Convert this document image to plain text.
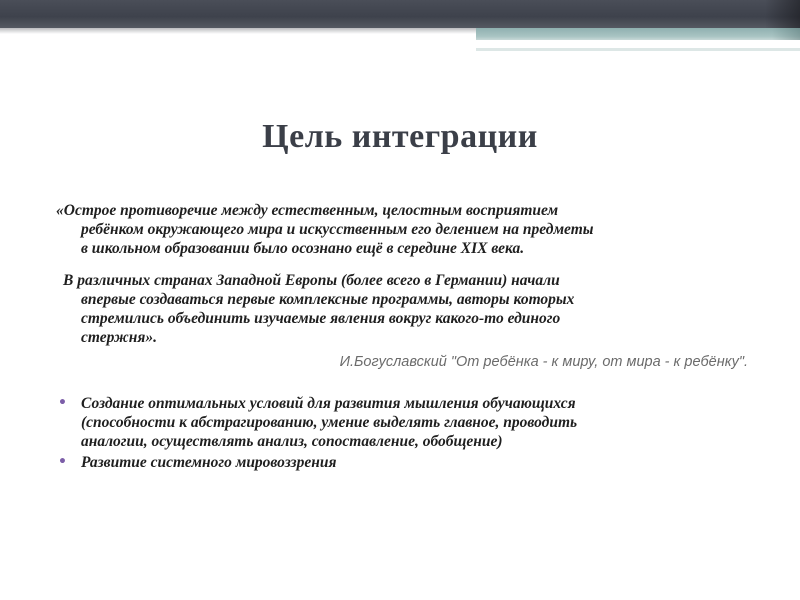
Цель интеграции

«Острое противоречие между естественным, целостным восприятием
ребёнком окружающего мира и искусственным его делением на предметы
в школьном образовании было осознано ещё в середине XIX века.

В различных странах Западной Европы (более всего в Германии) начали
впервые создаваться первые комплексные программы, авторы которых
стремились объединить изучаемые явления вокруг какого-то единого
стержня».

И.Богуславский "От ребёнка - к миру, от мира - к ребёнку".

• Создание оптимальных условий для развития мышления обучающихся
(способности к абстрагированию, умение выделять главное, проводить
аналогии, осуществлять анализ, сопоставление, обобщение)
• Развитие системного мировоззрения
